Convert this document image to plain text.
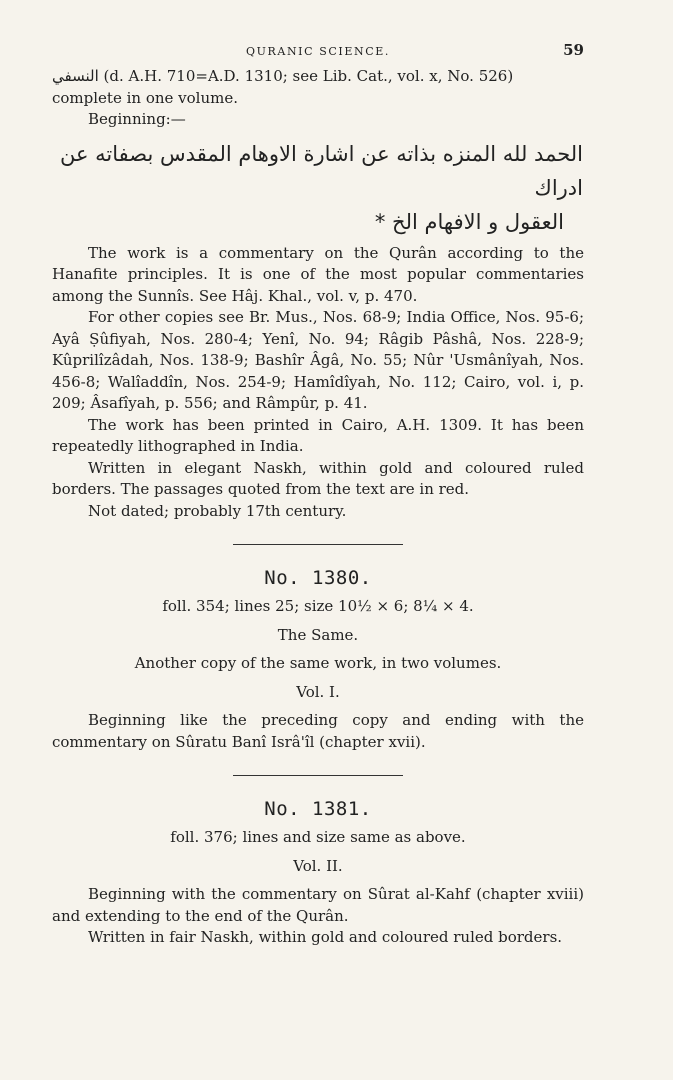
QURANIC SCIENCE.	59

النسفي (d. A.H. 710=A.D. 1310; see Lib. Cat., vol. x, No. 526)

complete in one volume.

Beginning:—

الحمد لله المنزه بذاته عن اشارة الاوهام المقدس بصفاته عن ادراك
العقول و الافهام الخ *

The work is a commentary on the Qurân according to the Hanafite principles. It is one of the most popular commentaries among the Sunnîs. See Hâj. Khal., vol. v, p. 470.

For other copies see Br. Mus., Nos. 68-9; India Office, Nos. 95-6; Ayâ Ṣûfiyah, Nos. 280-4; Yenî, No. 94; Râgib Pâshâ, Nos. 228-9; Kûprilîzâdah, Nos. 138-9; Bashîr Âgâ, No. 55; Nûr 'Usmânîyah, Nos. 456-8; Walîaddîn, Nos. 254-9; Hamîdîyah, No. 112; Cairo, vol. i, p. 209; Âsafîyah, p. 556; and Râmpûr, p. 41.

The work has been printed in Cairo, A.H. 1309. It has been repeatedly lithographed in India.

Written in elegant Naskh, within gold and coloured ruled borders. The passages quoted from the text are in red.

Not dated; probably 17th century.

No. 1380.
foll. 354; lines 25; size 10½ × 6; 8¼ × 4.
The Same.
Another copy of the same work, in two volumes.
Vol. I.

Beginning like the preceding copy and ending with the commentary on Sûratu Banî Isrâ'îl (chapter xvii).

No. 1381.
foll. 376; lines and size same as above.
Vol. II.

Beginning with the commentary on Sûrat al-Kahf (chapter xviii) and extending to the end of the Qurân.

Written in fair Naskh, within gold and coloured ruled borders.
